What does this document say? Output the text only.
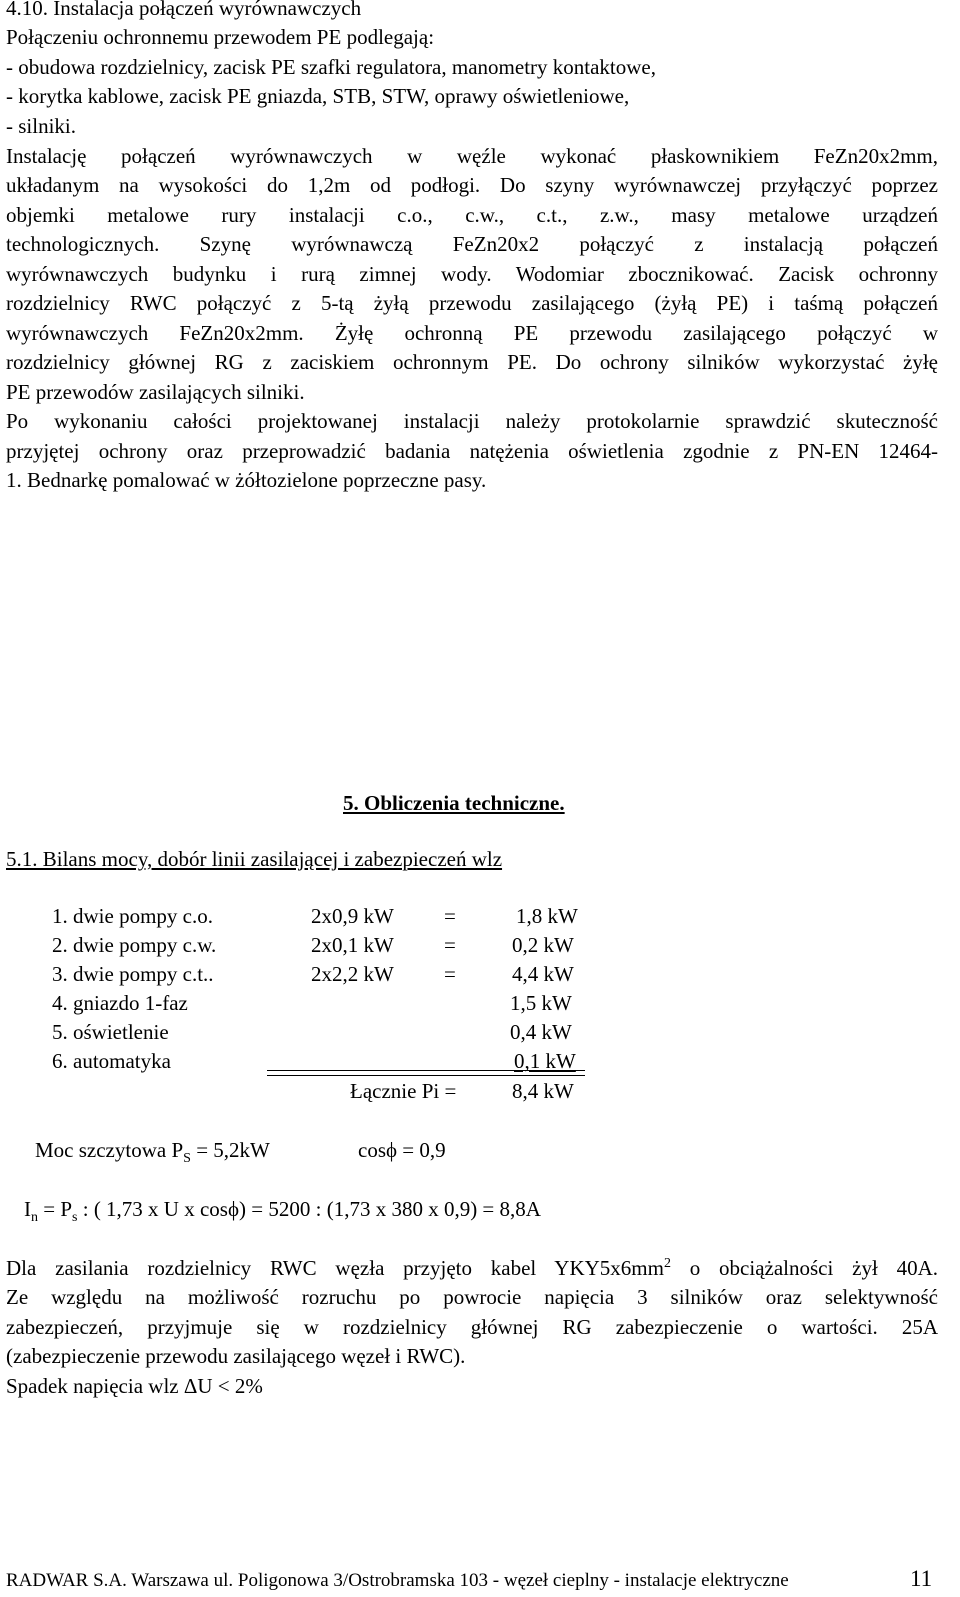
4.10. Instalacja połączeń wyrównawczych
Połączeniu ochronnemu przewodem PE podlegają:
- obudowa rozdzielnicy, zacisk PE szafki regulatora, manometry kontaktowe,
- korytka kablowe, zacisk PE gniazda, STB, STW, oprawy oświetleniowe,
- silniki.
Instalację połączeń wyrównawczych w węźle wykonać płaskownikiem FeZn20x2mm,
układanym na wysokości do 1,2m od podłogi. Do szyny wyrównawczej przyłączyć poprzez
objemki metalowe rury instalacji c.o., c.w., c.t., z.w., masy metalowe urządzeń
technologicznych. Szynę wyrównawczą FeZn20x2 połączyć z instalacją połączeń
wyrównawczych budynku i rurą zimnej wody. Wodomiar zbocznikować. Zacisk ochronny
rozdzielnicy RWC połączyć z 5-tą żyłą przewodu zasilającego (żyłą PE) i taśmą połączeń
wyrównawczych FeZn20x2mm. Żyłę ochronną PE przewodu zasilającego połączyć w
rozdzielnicy głównej RG z zaciskiem ochronnym PE. Do ochrony silników wykorzystać żyłę
PE przewodów zasilających silniki.
Po wykonaniu całości projektowanej instalacji należy protokolarnie sprawdzić skuteczność
przyjętej ochrony oraz przeprowadzić badania natężenia oświetlenia zgodnie z PN-EN 12464-
1. Bednarkę pomalować w żółtozielone poprzeczne pasy.
5. Obliczenia techniczne.
5.1. Bilans mocy, dobór linii zasilającej i zabezpieczeń wlz
1. dwie pompy c.o.	2x0,9 kW =	1,8 kW
2. dwie pompy c.w.	2x0,1 kW =	0,2 kW
3. dwie pompy c.t..	2x2,2 kW =	4,4 kW
4. gniazdo 1-faz	1,5 kW
5. oświetlenie	0,4 kW
6. automatyka	0,1 kW
Łącznie Pi =	8,4 kW
Moc szczytowa $P_S = 5,2kW$	cosϕ = 0,9
$I_n = P_s$ : ( 1,73 x U x cosϕ) = 5200 : (1,73 x 380 x 0,9) = 8,8A
Dla zasilania rozdzielnicy RWC węzła przyjęto kabel $YKY5x6mm^2$ o obciążalności żył 40A.
Ze względu na możliwość rozruchu po powrocie napięcia 3 silników oraz selektywność
zabezpieczeń, przyjmuje się w rozdzielnicy głównej RG zabezpieczenie o wartości. 25A
(zabezpieczenie przewodu zasilającego węzeł i RWC).
Spadek napięcia wlz ΔU < 2%
RADWAR S.A. Warszawa ul. Poligonowa 3/Ostrobramska 103 - węzeł cieplny - instalacje elektryczne	11
